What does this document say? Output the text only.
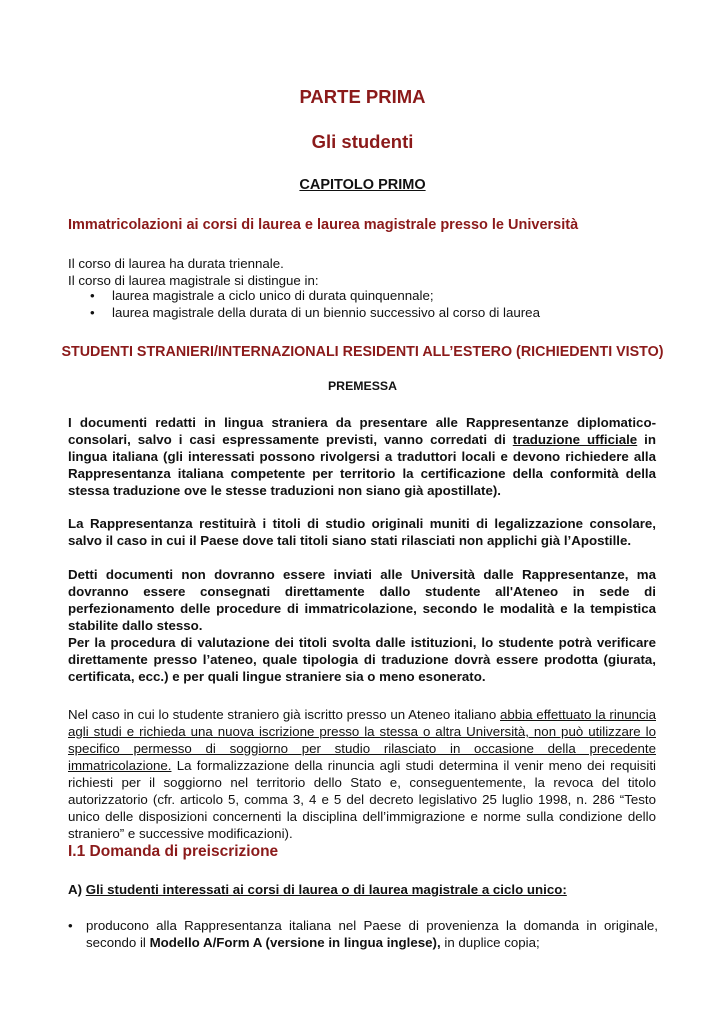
PARTE PRIMA
Gli studenti
CAPITOLO PRIMO
Immatricolazioni ai corsi di laurea e laurea magistrale presso le Università
Il corso di laurea ha durata triennale.
Il corso di laurea magistrale si distingue in:
• laurea magistrale a ciclo unico di durata quinquennale;
• laurea magistrale della durata di un biennio successivo al corso di laurea
STUDENTI STRANIERI/INTERNAZIONALI RESIDENTI ALL’ESTERO (RICHIEDENTI VISTO)
PREMESSA
I documenti redatti in lingua straniera da presentare alle Rappresentanze diplomatico-consolari, salvo i casi espressamente previsti, vanno corredati di traduzione ufficiale in lingua italiana (gli interessati possono rivolgersi a traduttori locali e devono richiedere alla Rappresentanza italiana competente per territorio la certificazione della conformità della stessa traduzione ove le stesse traduzioni non siano già apostillate).
La Rappresentanza restituirà i titoli di studio originali muniti di legalizzazione consolare, salvo il caso in cui il Paese dove tali titoli siano stati rilasciati non applichi già l’Apostille.
Detti documenti non dovranno essere inviati alle Università dalle Rappresentanze, ma dovranno essere consegnati direttamente dallo studente all'Ateneo in sede di perfezionamento delle procedure di immatricolazione, secondo le modalità e la tempistica stabilite dallo stesso.
Per la procedura di valutazione dei titoli svolta dalle istituzioni, lo studente potrà verificare direttamente presso l’ateneo, quale tipologia di traduzione dovrà essere prodotta (giurata, certificata, ecc.) e per quali lingue straniere sia o meno esonerato.
Nel caso in cui lo studente straniero già iscritto presso un Ateneo italiano abbia effettuato la rinuncia agli studi e richieda una nuova iscrizione presso la stessa o altra Università, non può utilizzare lo specifico permesso di soggiorno per studio rilasciato in occasione della precedente immatricolazione. La formalizzazione della rinuncia agli studi determina il venir meno dei requisiti richiesti per il soggiorno nel territorio dello Stato e, conseguentemente, la revoca del titolo autorizzatorio (cfr. articolo 5, comma 3, 4 e 5 del decreto legislativo 25 luglio 1998, n. 286 “Testo unico delle disposizioni concernenti la disciplina dell’immigrazione e norme sulla condizione dello straniero” e successive modificazioni).
I.1 Domanda di preiscrizione
A) Gli studenti interessati ai corsi di laurea o di laurea magistrale a ciclo unico:
• producono alla Rappresentanza italiana nel Paese di provenienza la domanda in originale, secondo il Modello A/Form A (versione in lingua inglese), in duplice copia;
